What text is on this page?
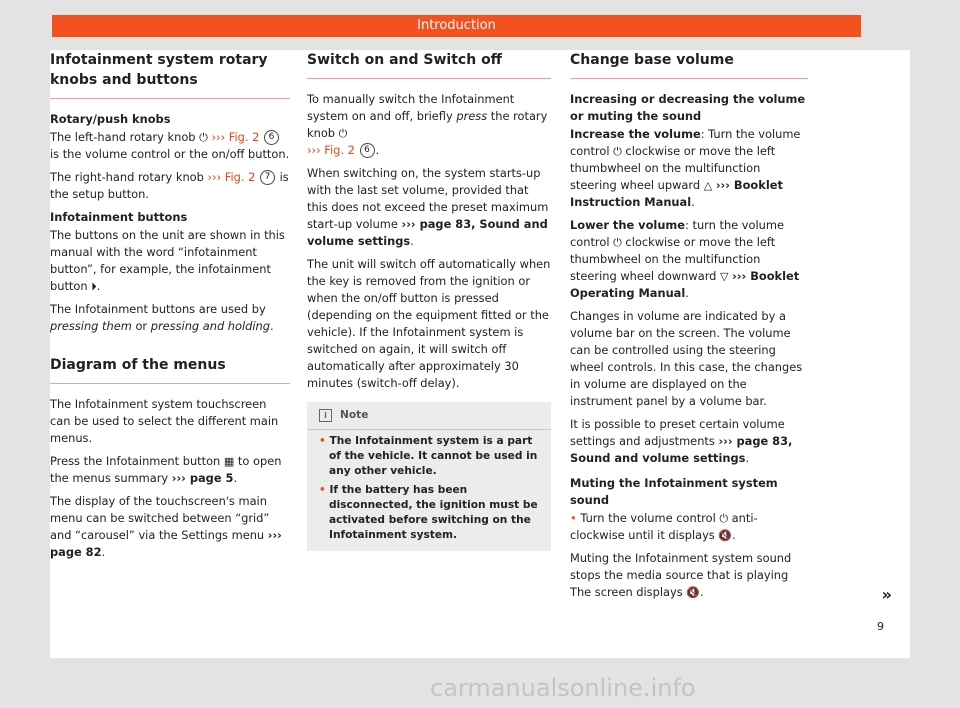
Introduction
Infotainment system rotary knobs and buttons

Rotary/push knobs

The left-hand rotary knob ⏻ ››› Fig. 2 6 is the volume control or the on/off button.

The right-hand rotary knob ››› Fig. 2 7 is the setup button.

Infotainment buttons

The buttons on the unit are shown in this manual with the word “infotainment button”, for example, the infotainment button ⏵.

The Infotainment buttons are used by pressing them or pressing and holding.

Diagram of the menus

The Infotainment system touchscreen can be used to select the different main menus.

Press the Infotainment button ▦ to open the menus summary ››› page 5.

The display of the touchscreen's main menu can be switched between “grid” and “carousel” via the Settings menu ››› page 82.

Switch on and Switch off

To manually switch the Infotainment system on and off, briefly press the rotary knob ⏻
››› Fig. 2 6 .

When switching on, the system starts-up with the last set volume, provided that this does not exceed the preset maximum start-up volume ››› page 83, Sound and volume settings.

The unit will switch off automatically when the key is removed from the ignition or when the on/off button is pressed (depending on the equipment fitted or the vehicle). If the Infotainment system is switched on again, it will switch off automatically after approximately 30 minutes (switch-off delay).

i Note
• The Infotainment system is a part of the vehicle. It cannot be used in any other vehicle.
• If the battery has been disconnected, the ignition must be activated before switching on the Infotainment system.
Change base volume

Increasing or decreasing the volume or muting the sound

Increase the volume: Turn the volume control ⏻ clockwise or move the left thumbwheel on the multifunction steering wheel upward △ ››› Booklet Instruction Manual.

Lower the volume: turn the volume control ⏻ clockwise or move the left thumbwheel on the multifunction steering wheel downward ▽ ››› Booklet Operating Manual.

Changes in volume are indicated by a volume bar on the screen. The volume can be controlled using the steering wheel controls. In this case, the changes in volume are displayed on the instrument panel by a volume bar.

It is possible to preset certain volume settings and adjustments ››› page 83, Sound and volume settings.

Muting the Infotainment system sound

• Turn the volume control ⏻ anti-clockwise until it displays 🔇.

Muting the Infotainment system sound stops the media source that is playing The screen displays 🔇.	»
9
carmanualsonline.info
